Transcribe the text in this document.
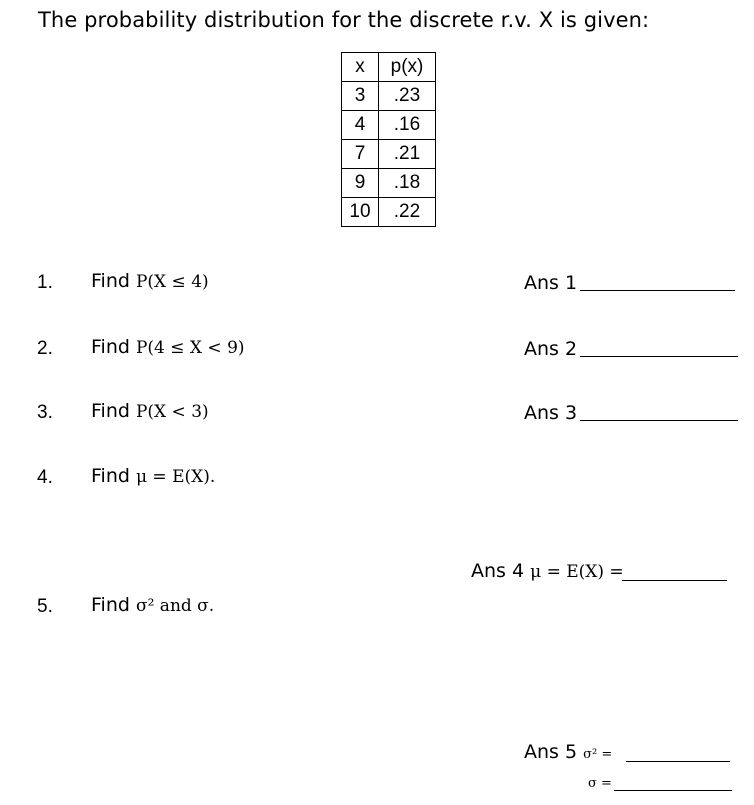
The probability distribution for the discrete r.v. X is given:
x	p(x)
3	.23
4	.16
7	.21
9	.18
10	.22
1. Find P(X ≤ 4)	Ans 1
2. Find P(4 ≤ X < 9)	Ans 2
3. Find P(X < 3)	Ans 3
4. Find μ = E(X).
Ans 4 μ = E(X) =
5. Find σ² and σ.
Ans 5 σ² =
σ =
